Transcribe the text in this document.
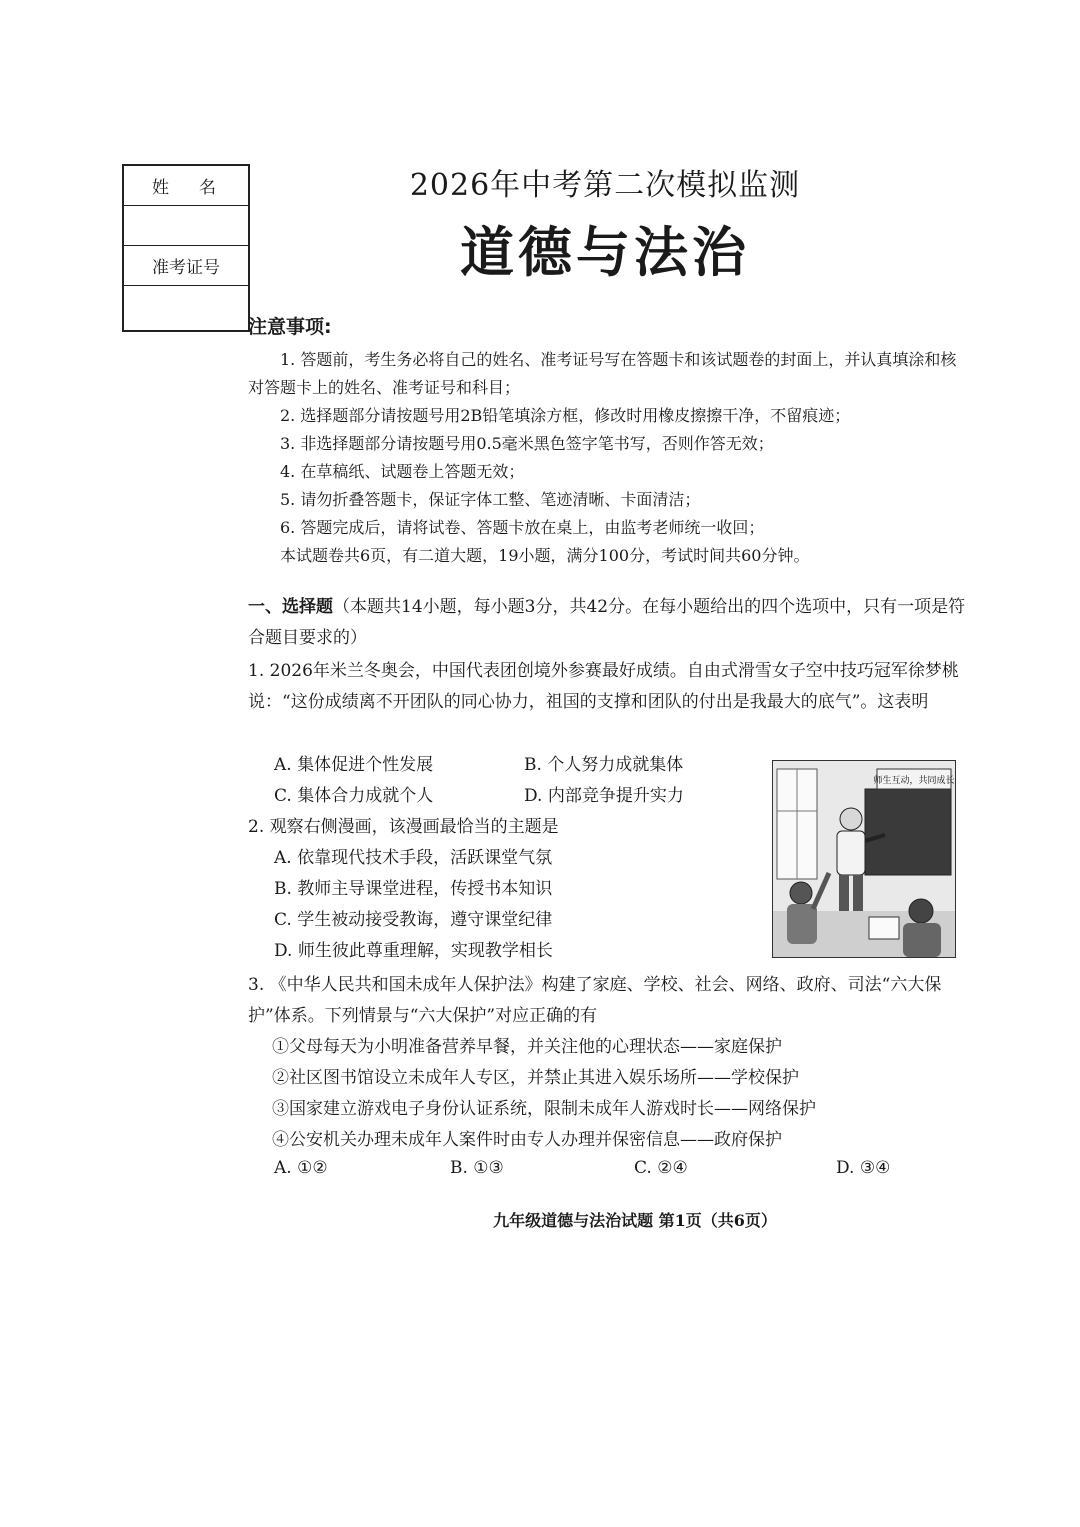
姓名
准考证号
2026年中考第二次模拟监测
道德与法治
注意事项:

1. 答题前，考生务必将自己的姓名、准考证号写在答题卡和该试题卷的封面上，并认真填涂和核对答题卡上的姓名、准考证号和科目；

2. 选择题部分请按题号用2B铅笔填涂方框，修改时用橡皮擦擦干净，不留痕迹；

3. 非选择题部分请按题号用0.5毫米黑色签字笔书写，否则作答无效；

4. 在草稿纸、试题卷上答题无效；

5. 请勿折叠答题卡，保证字体工整、笔迹清晰、卡面清洁；

6. 答题完成后，请将试卷、答题卡放在桌上，由监考老师统一收回；

本试题卷共6页，有二道大题，19小题，满分100分，考试时间共60分钟。

一、选择题（本题共14小题，每小题3分，共42分。在每小题给出的四个选项中，只有一项是符合题目要求的）
1. 2026年米兰冬奥会，中国代表团创境外参赛最好成绩。自由式滑雪女子空中技巧冠军徐梦桃说：“这份成绩离不开团队的同心协力，祖国的支撑和团队的付出是我最大的底气”。这表明
A. 集体促进个性发展	B. 个人努力成就集体
C. 集体合力成就个人	D. 内部竞争提升实力
2. 观察右侧漫画，该漫画最恰当的主题是
A. 依靠现代技术手段，活跃课堂气氛
B. 教师主导课堂进程，传授书本知识
C. 学生被动接受教诲，遵守课堂纪律
D. 师生彼此尊重理解，实现教学相长
师生互动，共同成长
3. 《中华人民共和国未成年人保护法》构建了家庭、学校、社会、网络、政府、司法“六大保护”体系。下列情景与“六大保护”对应正确的有
①父母每天为小明准备营养早餐，并关注他的心理状态——家庭保护
②社区图书馆设立未成年人专区，并禁止其进入娱乐场所——学校保护
③国家建立游戏电子身份认证系统，限制未成年人游戏时长——网络保护
④公安机关办理未成年人案件时由专人办理并保密信息——政府保护
A. ①②	B. ①③	C. ②④	D. ③④
九年级道德与法治试题 第1页（共6页）
